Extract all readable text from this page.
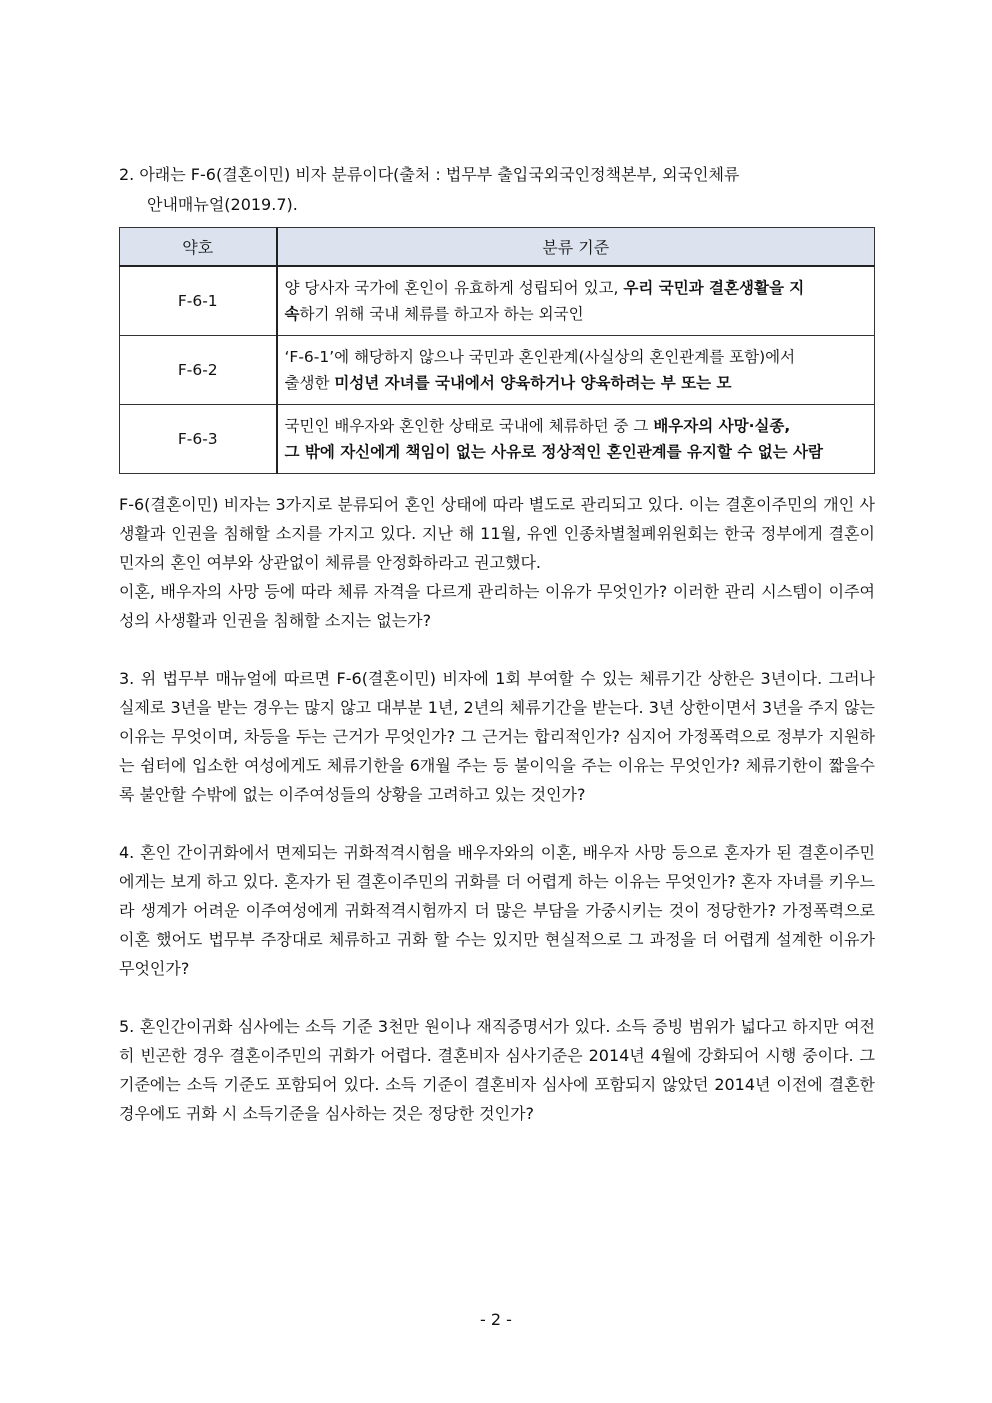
2. 아래는 F-6(결혼이민) 비자 분류이다(출처 : 법무부 출입국외국인정책본부, 외국인체류
안내매뉴얼(2019.7).
약호	분류 기준
F-6-1	양 당사자 국가에 혼인이 유효하게 성립되어 있고, 우리 국민과 결혼생활을 지
속하기 위해 국내 체류를 하고자 하는 외국인

F-6-2	‘F-6-1’에 해당하지 않으나 국민과 혼인관계(사실상의 혼인관계를 포함)에서
출생한 미성년 자녀를 국내에서 양육하거나 양육하려는 부 또는 모

F-6-3	국민인 배우자와 혼인한 상태로 국내에 체류하던 중 그 배우자의 사망·실종,
그 밖에 자신에게 책임이 없는 사유로 정상적인 혼인관계를 유지할 수 없는 사람
F-6(결혼이민) 비자는 3가지로 분류되어 혼인 상태에 따라 별도로 관리되고 있다. 이는 결혼이주민의 개인 사생활과 인권을 침해할 소지를 가지고 있다. 지난 해 11월, 유엔 인종차별철폐위원회는 한국 정부에게 결혼이민자의 혼인 여부와 상관없이 체류를 안정화하라고 권고했다.
이혼, 배우자의 사망 등에 따라 체류 자격을 다르게 관리하는 이유가 무엇인가? 이러한 관리 시스템이 이주여성의 사생활과 인권을 침해할 소지는 없는가?
3. 위 법무부 매뉴얼에 따르면 F-6(결혼이민) 비자에 1회 부여할 수 있는 체류기간 상한은 3년이다. 그러나 실제로 3년을 받는 경우는 많지 않고 대부분 1년, 2년의 체류기간을 받는다. 3년 상한이면서 3년을 주지 않는 이유는 무엇이며, 차등을 두는 근거가 무엇인가? 그 근거는 합리적인가? 심지어 가정폭력으로 정부가 지원하는 쉼터에 입소한 여성에게도 체류기한을 6개월 주는 등 불이익을 주는 이유는 무엇인가? 체류기한이 짧을수록 불안할 수밖에 없는 이주여성들의 상황을 고려하고 있는 것인가?
4. 혼인 간이귀화에서 면제되는 귀화적격시험을 배우자와의 이혼, 배우자 사망 등으로 혼자가 된 결혼이주민에게는 보게 하고 있다. 혼자가 된 결혼이주민의 귀화를 더 어렵게 하는 이유는 무엇인가? 혼자 자녀를 키우느라 생계가 어려운 이주여성에게 귀화적격시험까지 더 많은 부담을 가중시키는 것이 정당한가? 가정폭력으로 이혼 했어도 법무부 주장대로 체류하고 귀화 할 수는 있지만 현실적으로 그 과정을 더 어렵게 설계한 이유가 무엇인가?
5. 혼인간이귀화 심사에는 소득 기준 3천만 원이나 재직증명서가 있다. 소득 증빙 범위가 넓다고 하지만 여전히 빈곤한 경우 결혼이주민의 귀화가 어렵다. 결혼비자 심사기준은 2014년 4월에 강화되어 시행 중이다. 그 기준에는 소득 기준도 포함되어 있다. 소득 기준이 결혼비자 심사에 포함되지 않았던 2014년 이전에 결혼한 경우에도 귀화 시 소득기준을 심사하는 것은 정당한 것인가?
- 2 -
